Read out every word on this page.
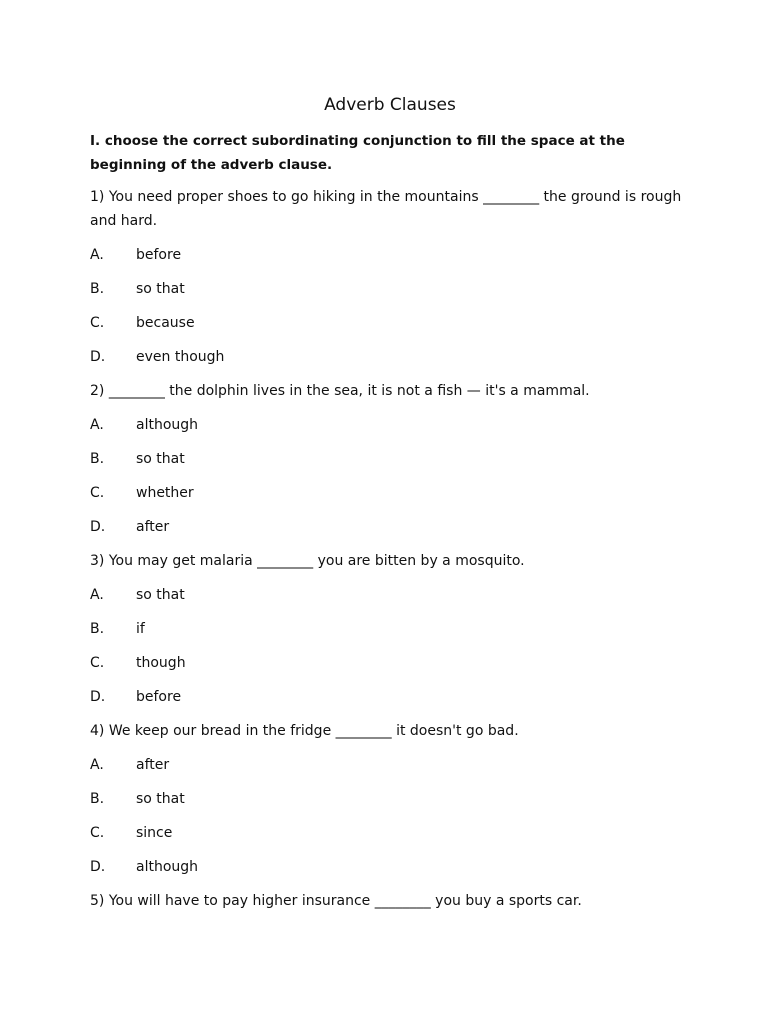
Adverb Clauses

I. choose the correct subordinating conjunction to fill the space at the beginning of the adverb clause.

1) You need proper shoes to go hiking in the mountains ________ the ground is rough and hard.

A.	before
B.	so that
C.	because
D.	even though

2) ________ the dolphin lives in the sea, it is not a fish — it's a mammal.

A.	although
B.	so that
C.	whether
D.	after

3) You may get malaria ________ you are bitten by a mosquito.

A.	so that
B.	if
C.	though
D.	before

4) We keep our bread in the fridge ________ it doesn't go bad.

A.	after
B.	so that
C.	since
D.	although

5) You will have to pay higher insurance ________ you buy a sports car.
